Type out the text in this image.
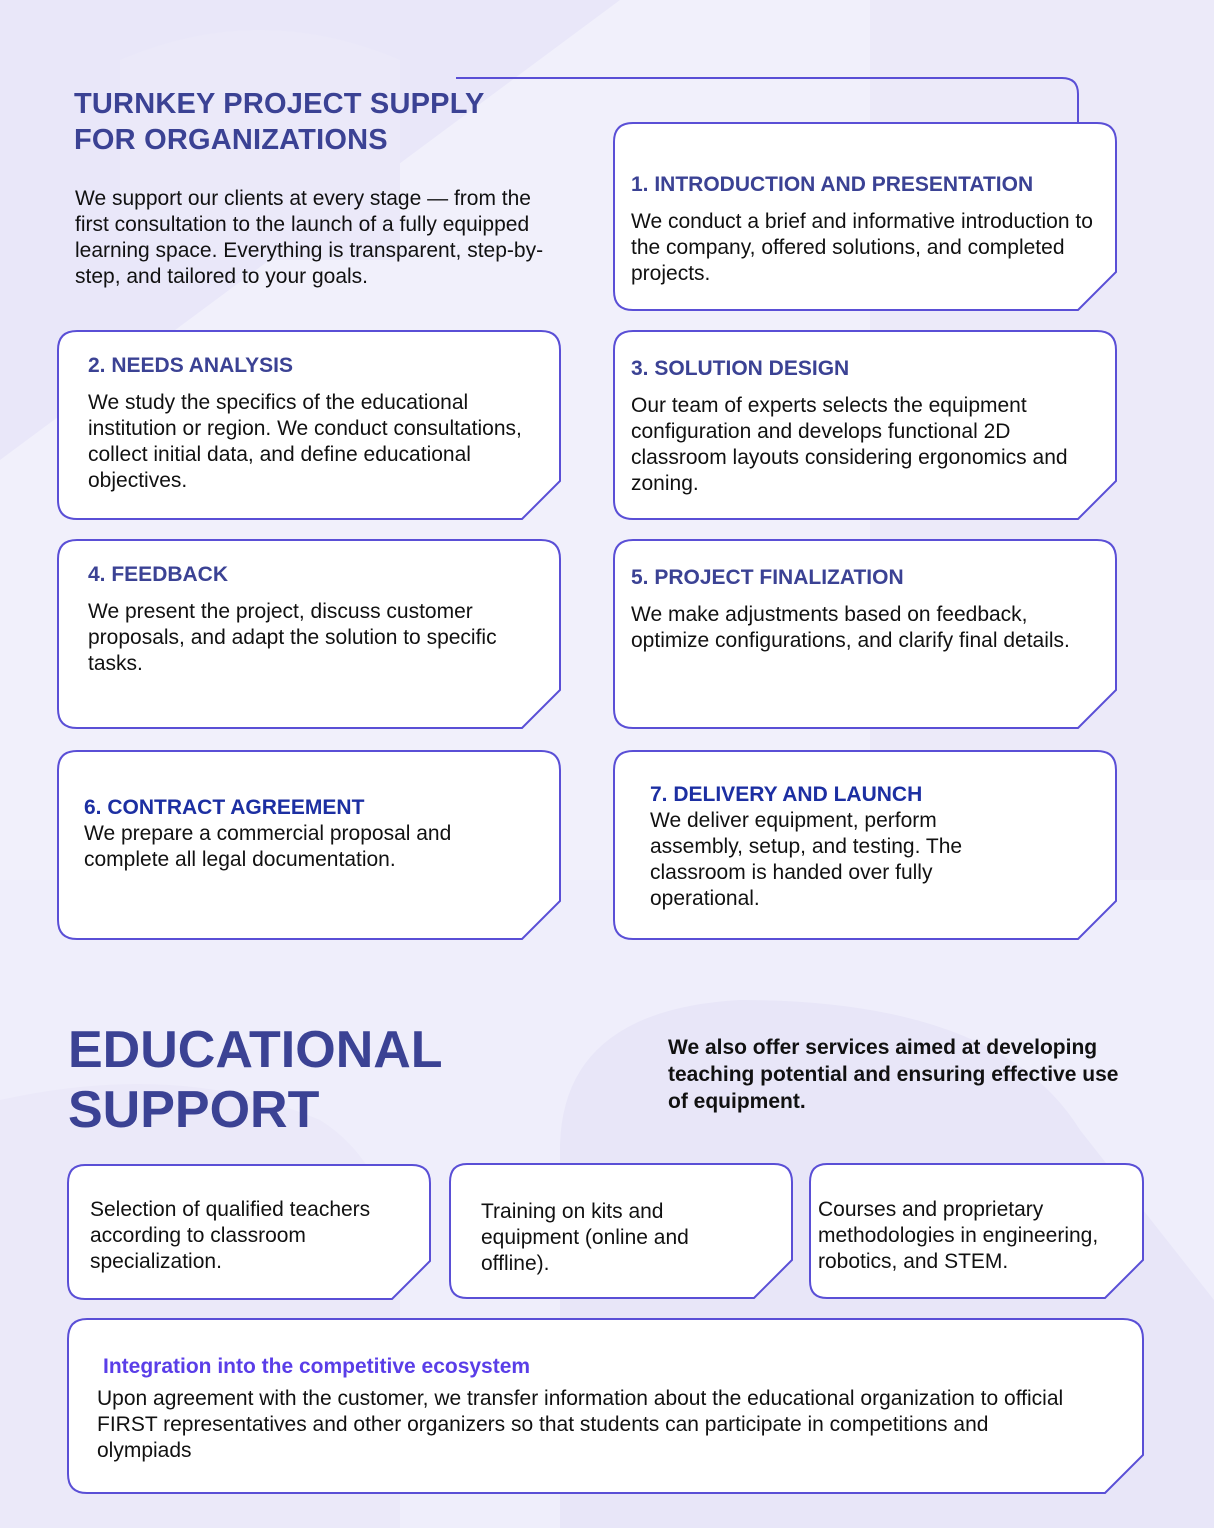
TURNKEY PROJECT SUPPLY
FOR ORGANIZATIONS
We support our clients at every stage — from the first consultation to the launch of a fully equipped learning space. Everything is transparent, step-by-step, and tailored to your goals.
1. INTRODUCTION AND PRESENTATION
We conduct a brief and informative introduction to the company, offered solutions, and completed projects.
2. NEEDS ANALYSIS
We study the specifics of the educational institution or region. We conduct consultations, collect initial data, and define educational objectives.
3. SOLUTION DESIGN
Our team of experts selects the equipment configuration and develops functional 2D classroom layouts considering ergonomics and zoning.
4. FEEDBACK
We present the project, discuss customer proposals, and adapt the solution to specific tasks.
5. PROJECT FINALIZATION
We make adjustments based on feedback, optimize configurations, and clarify final details.
6. CONTRACT AGREEMENT
We prepare a commercial proposal and complete all legal documentation.
7. DELIVERY AND LAUNCH
We deliver equipment, perform assembly, setup, and testing. The classroom is handed over fully operational.
EDUCATIONAL
SUPPORT
We also offer services aimed at developing teaching potential and ensuring effective use of equipment.
Selection of qualified teachers according to classroom specialization.
Training on kits and equipment (online and offline).
Courses and proprietary methodologies in engineering, robotics, and STEM.
Integration into the competitive ecosystem
Upon agreement with the customer, we transfer information about the educational organization to official FIRST representatives and other organizers so that students can participate in competitions and olympiads
